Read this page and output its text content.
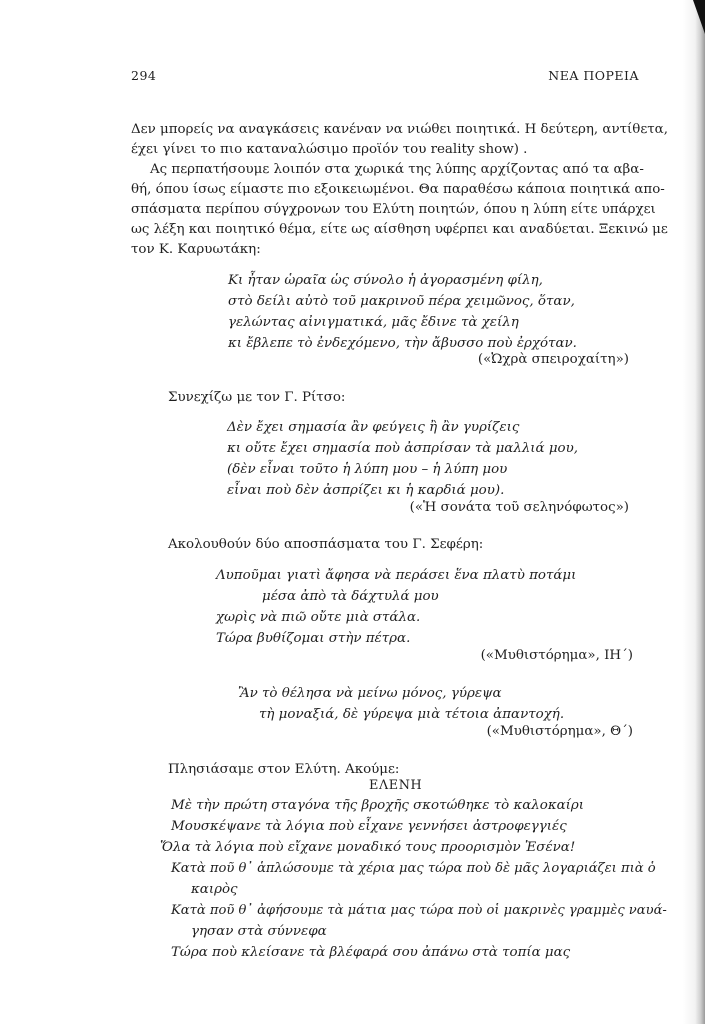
294	ΝΕΑ ΠΟΡΕΙΑ
Δεν μπορείς να αναγκάσεις κανέναν να νιώθει ποιητικά. Η δεύτερη, αντίθετα,
έχει γίνει το πιο καταναλώσιμο προϊόν του reality show) .
Ας περπατήσουμε λοιπόν στα χωρικά της λύπης αρχίζοντας από τα αβα-
θή, όπου ίσως είμαστε πιο εξοικειωμένοι. Θα παραθέσω κάποια ποιητικά απο-
σπάσματα περίπου σύγχρονων του Ελύτη ποιητών, όπου η λύπη είτε υπάρχει
ως λέξη και ποιητικό θέμα, είτε ως αίσθηση υφέρπει και αναδύεται. Ξεκινώ με
τον Κ. Καρυωτάκη:
Κι ἦταν ὡραῖα ὡς σύνολο ἡ ἀγορασμένη φίλη,
στὸ δείλι αὐτὸ τοῦ μακρινοῦ πέρα χειμῶνος, ὅταν,
γελώντας αἰνιγματικά, μᾶς ἔδινε τὰ χείλη
κι ἔβλεπε τὸ ἐνδεχόμενο, τὴν ἄβυσσο ποὺ ἐρχόταν.
(«Ὠχρὰ σπειροχαίτη»)
Συνεχίζω με τον Γ. Ρίτσο:
Δὲν ἔχει σημασία ἂν φεύγεις ἢ ἂν γυρίζεις
κι οὔτε ἔχει σημασία ποὺ ἀσπρίσαν τὰ μαλλιά μου,
(δὲν εἶναι τοῦτο ἡ λύπη μου – ἡ λύπη μου
εἶναι ποὺ δὲν ἀσπρίζει κι ἡ καρδιά μου).
(«Ἡ σονάτα τοῦ σεληνόφωτος»)
Ακολουθούν δύο αποσπάσματα του Γ. Σεφέρη:
Λυποῦμαι γιατὶ ἄφησα νὰ περάσει ἕνα πλατὺ ποτάμι
μέσα ἀπὸ τὰ δάχτυλά μου
χωρὶς νὰ πιῶ οὔτε μιὰ στάλα.
Τώρα βυθίζομαι στὴν πέτρα.
(«Μυθιστόρημα», ΙΗ΄)
Ἂν τὸ θέλησα νὰ μείνω μόνος, γύρεψα
τὴ μοναξιά, δὲ γύρεψα μιὰ τέτοια ἀπαντοχή.
(«Μυθιστόρημα», Θ΄)
Πλησιάσαμε στον Ελύτη. Ακούμε:
ΕΛΕΝΗ
Μὲ τὴν πρώτη σταγόνα τῆς βροχῆς σκοτώθηκε τὸ καλοκαίρι
Μουσκέψανε τὰ λόγια ποὺ εἶχανε γεννήσει ἀστροφεγγιές
Ὅλα τὰ λόγια ποὺ εἴχανε μοναδικό τους προορισμὸν Ἐσένα!
Κατὰ ποῦ θ᾽ ἁπλώσουμε τὰ χέρια μας τώρα ποὺ δὲ μᾶς λογαριάζει πιὰ ὁ
καιρὸς
Κατὰ ποῦ θ᾽ ἀφήσουμε τὰ μάτια μας τώρα ποὺ οἱ μακρινὲς γραμμὲς ναυά-
γησαν στὰ σύννεφα
Τώρα ποὺ κλείσανε τὰ βλέφαρά σου ἀπάνω στὰ τοπία μας
